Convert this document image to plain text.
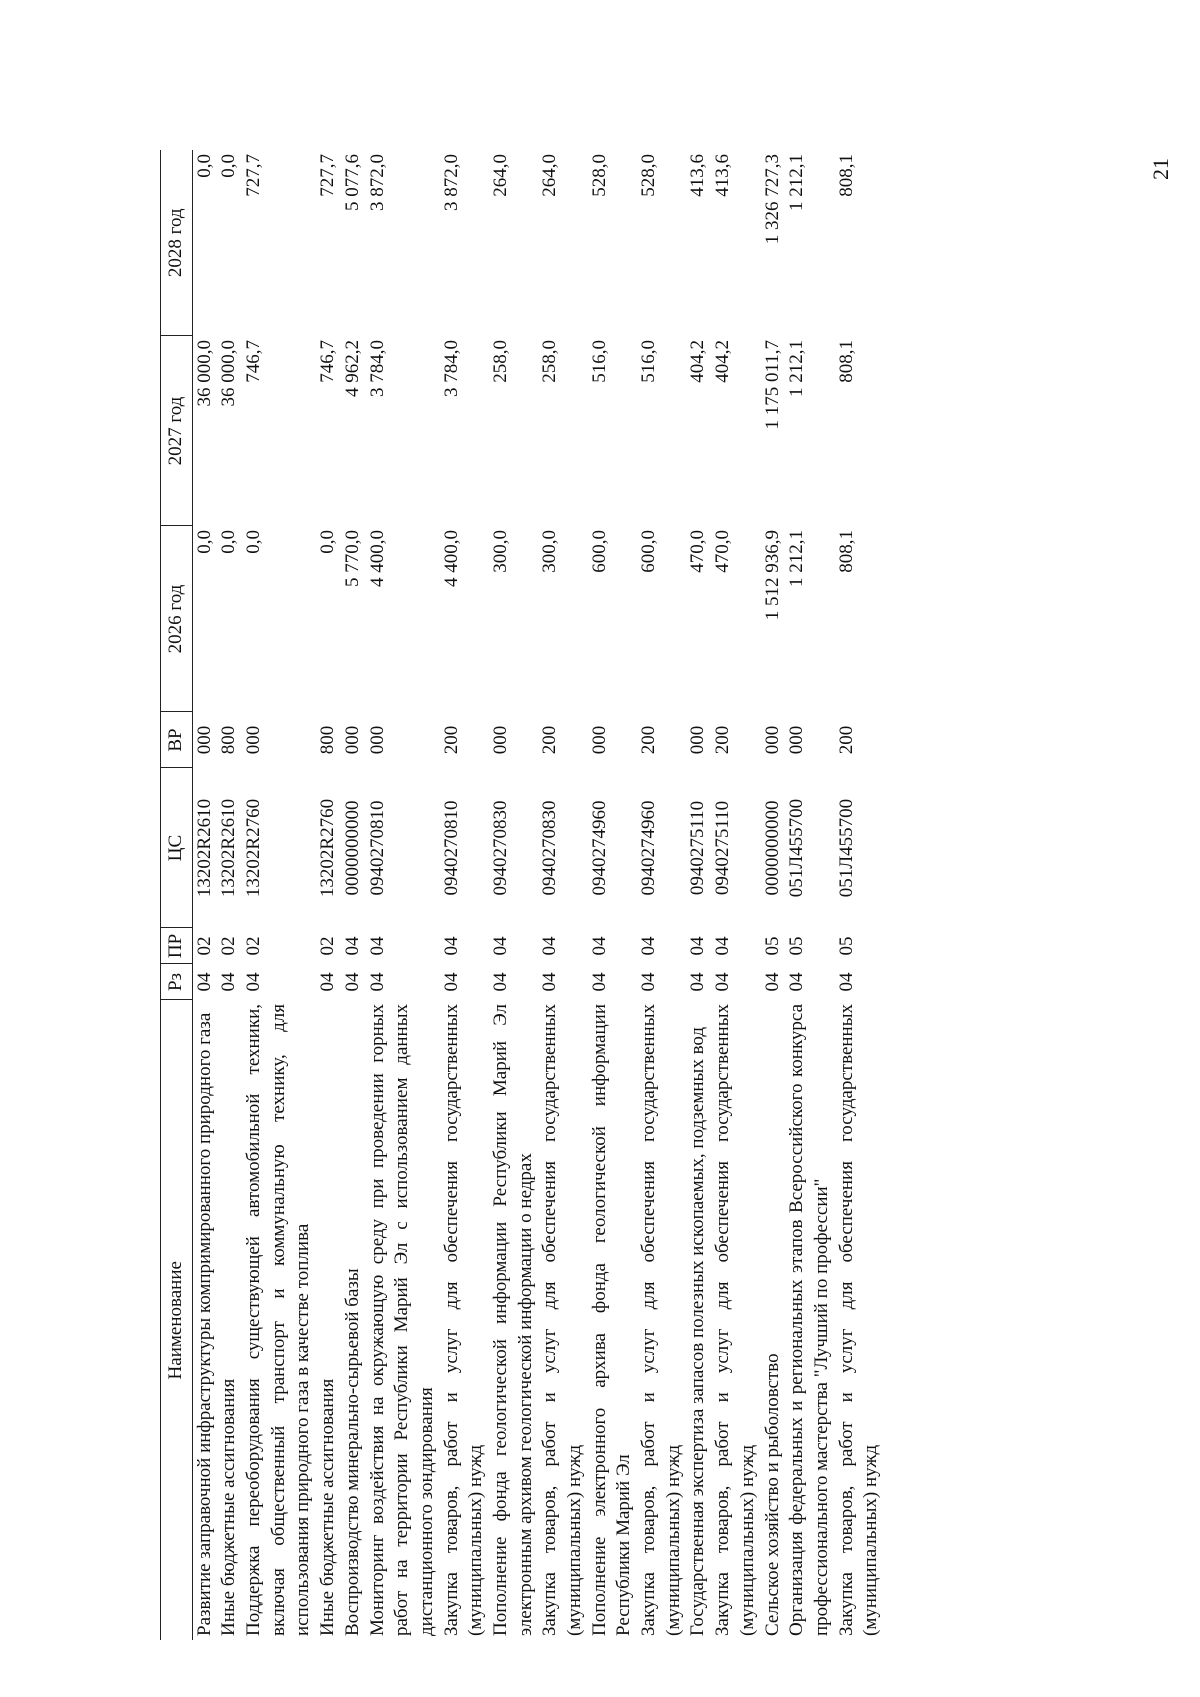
21
Наименование	Рз	ПР	ЦС	ВР	2026 год	2027 год	2028 год
Развитие заправочной инфраструктуры компримированного природного газа	04	02	13202R2610	000	0,0	36 000,0	0,0
Иные бюджетные ассигнования	04	02	13202R2610	800	0,0	36 000,0	0,0
Поддержка переоборудования существующей автомобильной техники, включая общественный транспорт и коммунальную технику, для использования природного газа в качестве топлива	04	02	13202R2760	000	0,0	746,7	727,7
Иные бюджетные ассигнования	04	02	13202R2760	800	0,0	746,7	727,7
Воспроизводство минерально-сырьевой базы	04	04	0000000000	000	5 770,0	4 962,2	5 077,6
Мониторинг воздействия на окружающую среду при проведении горных работ на территории Республики Марий Эл с использованием данных дистанционного зондирования	04	04	0940270810	000	4 400,0	3 784,0	3 872,0
Закупка товаров, работ и услуг для обеспечения государственных (муниципальных) нужд	04	04	0940270810	200	4 400,0	3 784,0	3 872,0
Пополнение фонда геологической информации Республики Марий Эл электронным архивом геологической информации о недрах	04	04	0940270830	000	300,0	258,0	264,0
Закупка товаров, работ и услуг для обеспечения государственных (муниципальных) нужд	04	04	0940270830	200	300,0	258,0	264,0
Пополнение электронного архива фонда геологической информации Республики Марий Эл	04	04	0940274960	000	600,0	516,0	528,0
Закупка товаров, работ и услуг для обеспечения государственных (муниципальных) нужд	04	04	0940274960	200	600,0	516,0	528,0
Государственная экспертиза запасов полезных ископаемых, подземных вод	04	04	0940275110	000	470,0	404,2	413,6
Закупка товаров, работ и услуг для обеспечения государственных (муниципальных) нужд	04	04	0940275110	200	470,0	404,2	413,6
Сельское хозяйство и рыболовство	04	05	0000000000	000	1 512 936,9	1 175 011,7	1 326 727,3
Организация федеральных и региональных этапов Всероссийского конкурса профессионального мастерства "Лучший по профессии"	04	05	051Л455700	000	1 212,1	1 212,1	1 212,1
Закупка товаров, работ и услуг для обеспечения государственных (муниципальных) нужд	04	05	051Л455700	200	808,1	808,1	808,1
